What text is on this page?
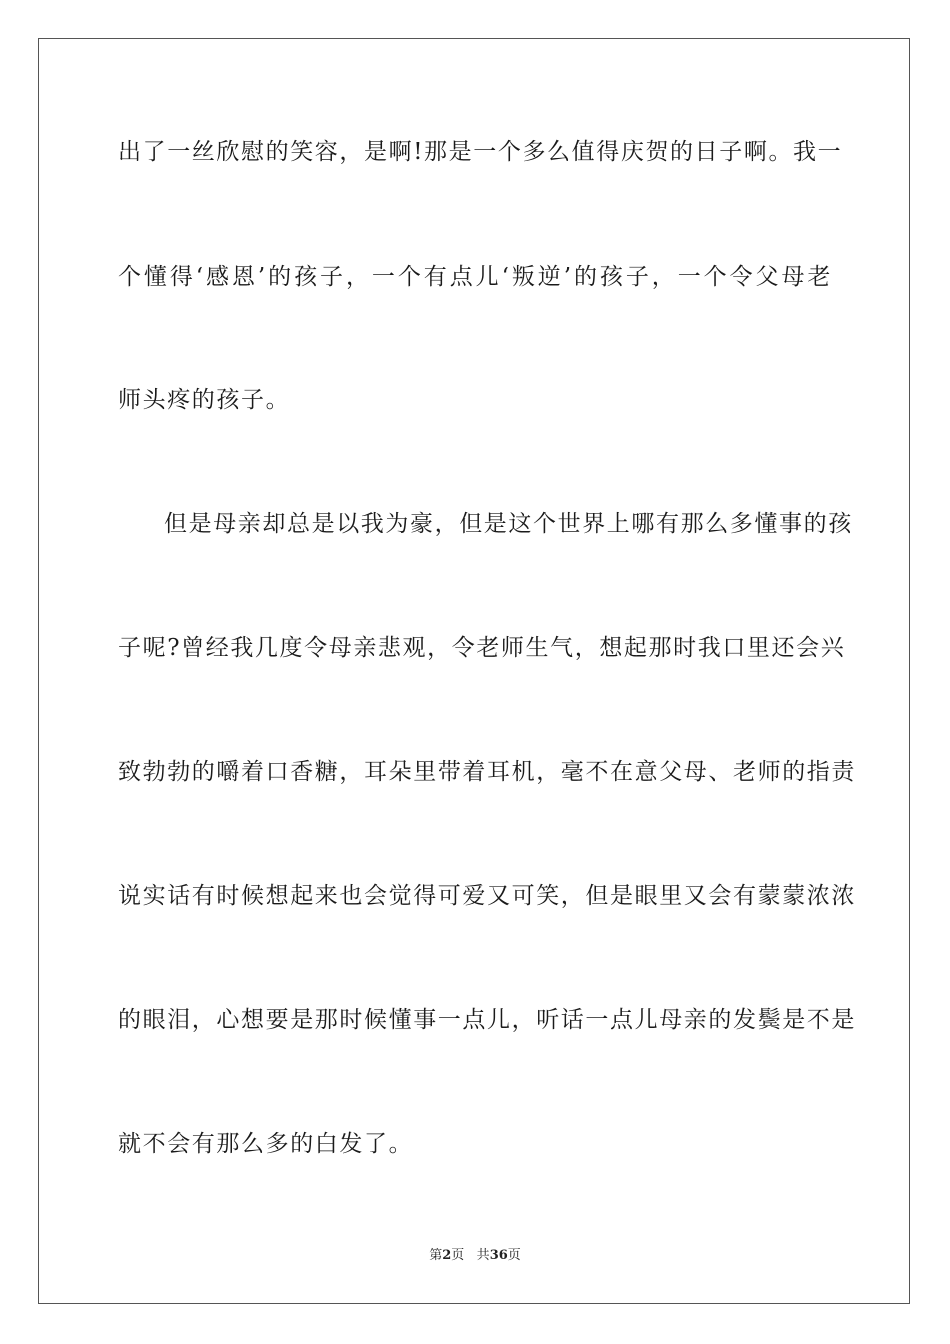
出了一丝欣慰的笑容，是啊!那是一个多么值得庆贺的日子啊。我一
个懂得‘感恩’的孩子，一个有点儿‘叛逆’的孩子，一个令父母老
师头疼的孩子。
但是母亲却总是以我为豪，但是这个世界上哪有那么多懂事的孩
子呢?曾经我几度令母亲悲观，令老师生气，想起那时我口里还会兴
致勃勃的嚼着口香糖，耳朵里带着耳机，毫不在意父母、老师的指责
说实话有时候想起来也会觉得可爱又可笑，但是眼里又会有蒙蒙浓浓
的眼泪，心想要是那时候懂事一点儿，听话一点儿母亲的发鬓是不是
就不会有那么多的白发了。
第2页 共36页
